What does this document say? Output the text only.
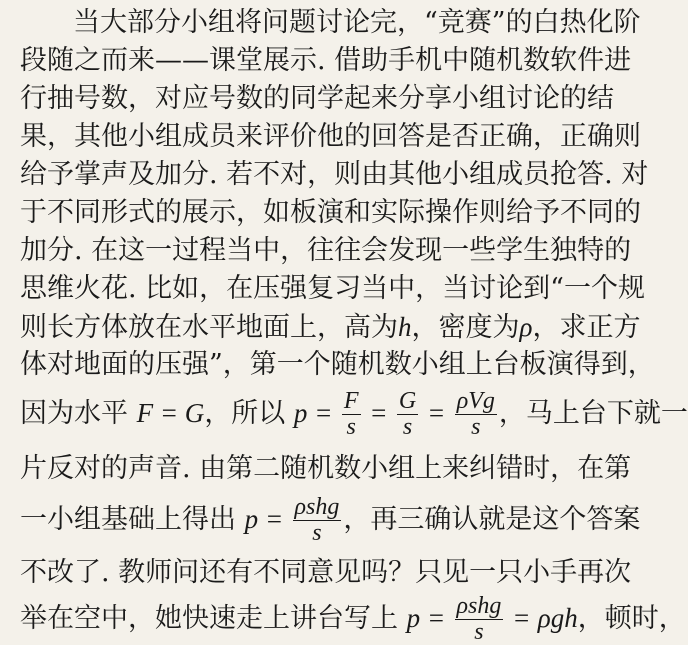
当大部分小组将问题讨论完，“竞赛”的白热化阶
段随之而来——课堂展示. 借助手机中随机数软件进
行抽号数，对应号数的同学起来分享小组讨论的结
果，其他小组成员来评价他的回答是否正确，正确则
给予掌声及加分. 若不对，则由其他小组成员抢答. 对
于不同形式的展示，如板演和实际操作则给予不同的
加分. 在这一过程当中，往往会发现一些学生独特的
思维火花. 比如，在压强复习当中，当讨论到“一个规
则长方体放在水平地面上，高为h，密度为ρ，求正方
体对地面的压强”，第一个随机数小组上台板演得到，
因为水平 F = G，所以 $p = \frac{F}{s} = \frac{G}{s} = \frac{\text{ρVg}}{s}$ ，马上台下就一
片反对的声音. 由第二随机数小组上来纠错时，在第
一小组基础上得出 $p = \frac{\text{ρshg}}{s}$ ，再三确认就是这个答案
不改了. 教师问还有不同意见吗？只见一只小手再次
举在空中，她快速走上讲台写上 $p = \frac{\text{ρshg}}{s} = \rho gh$，顿时，
